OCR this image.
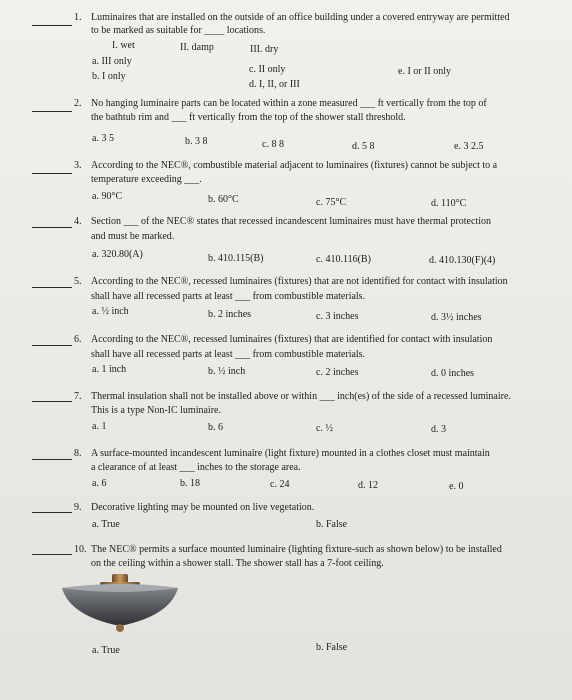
1. Luminaires that are installed on the outside of an office building under a covered entryway are permitted
to be marked as suitable for ____ locations.
I. wet	II. damp	III. dry
a. III only
b. I only
c. II only
d. I, II, or III
e. I or II only
2. No hanging luminaire parts can be located within a zone measured ___ ft vertically from the top of
the bathtub rim and ___ ft vertically from the top of the shower stall threshold.
a. 3 5	b. 3 8	c. 8 8	d. 5 8	e. 3 2.5
3. According to the NEC®, combustible material adjacent to luminaires (fixtures) cannot be subject to a
temperature exceeding ___.
a. 90°C	b. 60°C	c. 75°C	d. 110°C
4. Section ___ of the NEC® states that recessed incandescent luminaires must have thermal protection
and must be marked.
a. 320.80(A)	b. 410.115(B)	c. 410.116(B)	d. 410.130(F)(4)
5. According to the NEC®, recessed luminaires (fixtures) that are not identified for contact with insulation
shall have all recessed parts at least ___ from combustible materials.
a. ½ inch	b. 2 inches	c. 3 inches	d. 3½ inches
6. According to the NEC®, recessed luminaires (fixtures) that are identified for contact with insulation
shall have all recessed parts at least ___ from combustible materials.
a. 1 inch	b. ½ inch	c. 2 inches	d. 0 inches
7. Thermal insulation shall not be installed above or within ___ inch(es) of the side of a recessed luminaire.
This is a type Non-IC luminaire.
a. 1	b. 6	c. ½	d. 3
8. A surface-mounted incandescent luminaire (light fixture) mounted in a clothes closet must maintain
a clearance of at least ___ inches to the storage area.
a. 6	b. 18	c. 24	d. 12	e. 0
9. Decorative lighting may be mounted on live vegetation.
a. True	b. False
10. The NEC® permits a surface mounted luminaire (lighting fixture-such as shown below) to be installed
on the ceiling within a shower stall. The shower stall has a 7-foot ceiling.
a. True	b. False
